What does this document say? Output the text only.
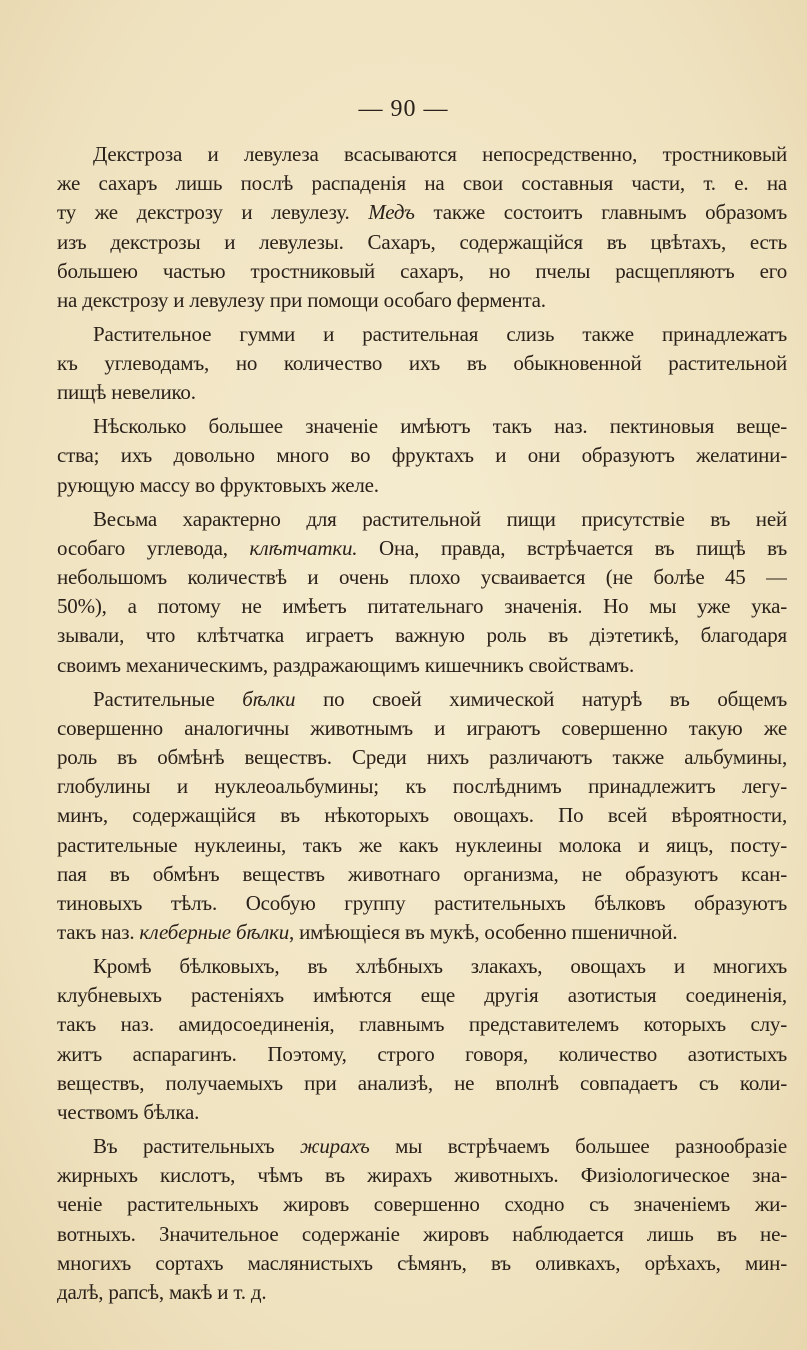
— 90 —
Декстроза и левулеза всасываются непосредственно, тростниковый
же сахаръ лишь послѣ распаденія на свои составныя части, т. е. на
ту же декстрозу и левулезу. Медъ также состоитъ главнымъ образомъ
изъ декстрозы и левулезы. Сахаръ, содержащійся въ цвѣтахъ, есть
большею частью тростниковый сахаръ, но пчелы расщепляютъ его
на декстрозу и левулезу при помощи особаго фермента.
Растительное гумми и растительная слизь также принадлежатъ
къ углеводамъ, но количество ихъ въ обыкновенной растительной
пищѣ невелико.
Нѣсколько большее значеніе имѣютъ такъ наз. пектиновыя веще-
ства; ихъ довольно много во фруктахъ и они образуютъ желатини-
рующую массу во фруктовыхъ желе.
Весьма характерно для растительной пищи присутствіе въ ней
особаго углевода, клѣтчатки. Она, правда, встрѣчается въ пищѣ въ
небольшомъ количествѣ и очень плохо усваивается (не болѣе 45 —
50%), а потому не имѣетъ питательнаго значенія. Но мы уже ука-
зывали, что клѣтчатка играетъ важную роль въ діэтетикѣ, благодаря
своимъ механическимъ, раздражающимъ кишечникъ свойствамъ.
Растительные бѣлки по своей химической натурѣ въ общемъ
совершенно аналогичны животнымъ и играютъ совершенно такую же
роль въ обмѣнѣ веществъ. Среди нихъ различаютъ также альбумины,
глобулины и нуклеоальбумины; къ послѣднимъ принадлежитъ легу-
минъ, содержащійся въ нѣкоторыхъ овощахъ. По всей вѣроятности,
растительные нуклеины, такъ же какъ нуклеины молока и яицъ, посту-
пая въ обмѣнъ веществъ животнаго организма, не образуютъ ксан-
тиновыхъ тѣлъ. Особую группу растительныхъ бѣлковъ образуютъ
такъ наз. клеберные бѣлки, имѣющіеся въ мукѣ, особенно пшеничной.
Кромѣ бѣлковыхъ, въ хлѣбныхъ злакахъ, овощахъ и многихъ
клубневыхъ растеніяхъ имѣются еще другія азотистыя соединенія,
такъ наз. амидосоединенія, главнымъ представителемъ которыхъ слу-
житъ аспарагинъ. Поэтому, строго говоря, количество азотистыхъ
веществъ, получаемыхъ при анализѣ, не вполнѣ совпадаетъ съ коли-
чествомъ бѣлка.
Въ растительныхъ жирахъ мы встрѣчаемъ большее разнообразіе
жирныхъ кислотъ, чѣмъ въ жирахъ животныхъ. Физіологическое зна-
ченіе растительныхъ жировъ совершенно сходно съ значеніемъ жи-
вотныхъ. Значительное содержаніе жировъ наблюдается лишь въ не-
многихъ сортахъ маслянистыхъ сѣмянъ, въ оливкахъ, орѣхахъ, мин-
далѣ, рапсѣ, макѣ и т. д.
